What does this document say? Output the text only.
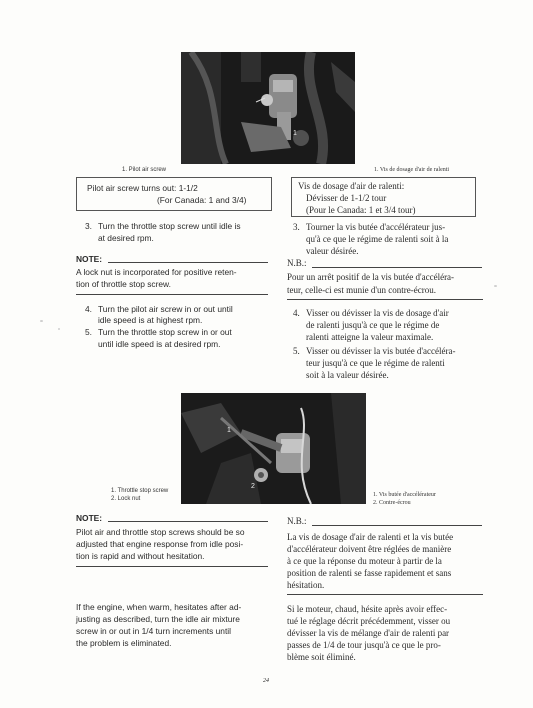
1
1. Pilot air screw	1. Vis de dosage d'air de ralenti
Pilot air screw turns out: 1-1/2
(For Canada: 1 and 3/4)
Vis de dosage d'air de ralenti:
Dévisser de 1-1/2 tour
(Pour le Canada: 1 et 3/4 tour)
3. Turn the throttle stop screw until idle is
at desired rpm.
NOTE:
A lock nut is incorporated for positive reten-
tion of throttle stop screw.
4. Turn the pilot air screw in or out until
idle speed is at highest rpm.
5. Turn the throttle stop screw in or out
until idle speed is at desired rpm.
3. Tourner la vis butée d'accélérateur jus-
qu'à ce que le régime de ralenti soit à la
valeur désirée.
N.B.:
Pour un arrêt positif de la vis butée d'accéléra-
teur, celle-ci est munie d'un contre-écrou.
4. Visser ou dévisser la vis de dosage d'air
de ralenti jusqu'à ce que le régime de
ralenti atteigne la valeur maximale.
5. Visser ou dévisser la vis butée d'accéléra-
teur jusqu'à ce que le régime de ralenti
soit à la valeur désirée.
1
2
1. Throttle stop screw
2. Lock nut
1. Vis butée d'accélérateur
2. Contre-écrou
NOTE:
Pilot air and throttle stop screws should be so
adjusted that engine response from idle posi-
tion is rapid and without hesitation.
N.B.:
La vis de dosage d'air de ralenti et la vis butée
d'accélérateur doivent être réglées de manière
à ce que la réponse du moteur à partir de la
position de ralenti se fasse rapidement et sans
hésitation.
If the engine, when warm, hesitates after ad-
justing as described, turn the idle air mixture
screw in or out in 1/4 turn increments until
the problem is eliminated.
Si le moteur, chaud, hésite après avoir effec-
tué le réglage décrit précédemment, visser ou
dévisser la vis de mélange d'air de ralenti par
passes de 1/4 de tour jusqu'à ce que le pro-
blème soit éliminé.
24
